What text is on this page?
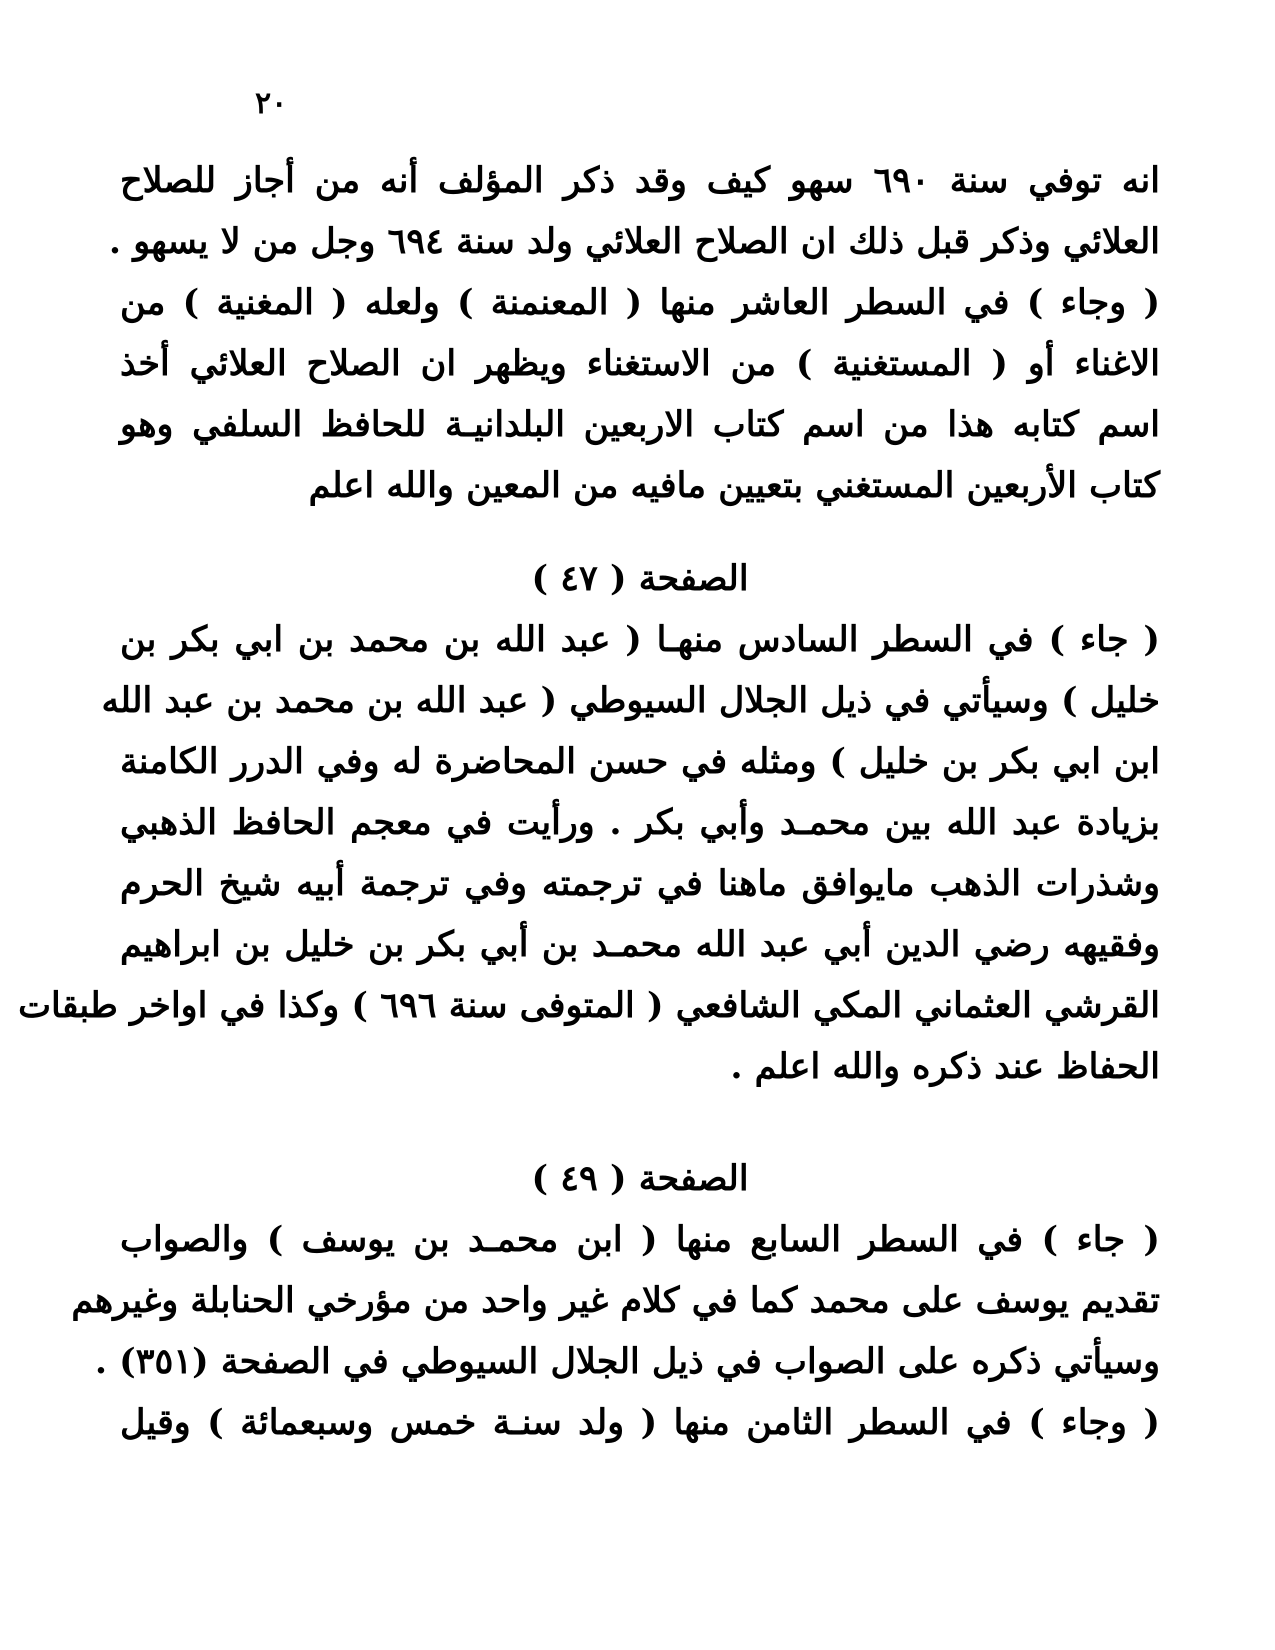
٢٠
انه توفي سنة ٦٩٠ سهو كيف وقد ذكر المؤلف أنه من أجاز للصلاح
العلائي وذكر قبل ذلك ان الصلاح العلائي ولد سنة ٦٩٤ وجل من لا يسهو .
( وجاء ) في السطر العاشر منها ( المعنمنة ) ولعله ( المغنية ) من
الاغناء أو ( المستغنية ) من الاستغناء ويظهر ان الصلاح العلائي أخذ
اسم كتابه هذا من اسم كتاب الاربعين البلدانيـة للحافظ السلفي وهو
كتاب الأربعين المستغني بتعيين مافيه من المعين والله اعلم
الصفحة ( ٤٧ )
( جاء ) في السطر السادس منهـا ( عبد الله بن محمد بن ابي بكر بن
خليل ) وسيأتي في ذيل الجلال السيوطي ( عبد الله بن محمد بن عبد الله
ابن ابي بكر بن خليل ) ومثله في حسن المحاضرة له وفي الدرر الكامنة
بزيادة عبد الله بين محمـد وأبي بكر . ورأيت في معجم الحافظ الذهبي
وشذرات الذهب مايوافق ماهنا في ترجمته وفي ترجمة أبيه شيخ الحرم
وفقيهه رضي الدين أبي عبد الله محمـد بن أبي بكر بن خليل بن ابراهيم
القرشي العثماني المكي الشافعي ( المتوفى سنة ٦٩٦ ) وكذا في اواخر طبقات
الحفاظ عند ذكره والله اعلم .
الصفحة ( ٤٩ )
( جاء ) في السطر السابع منها ( ابن محمـد بن يوسف ) والصواب
تقديم يوسف على محمد كما في كلام غير واحد من مؤرخي الحنابلة وغيرهم
وسيأتي ذكره على الصواب في ذيل الجلال السيوطي في الصفحة (٣٥١) .
( وجاء ) في السطر الثامن منها ( ولد سنـة خمس وسبعمائة ) وقيل
